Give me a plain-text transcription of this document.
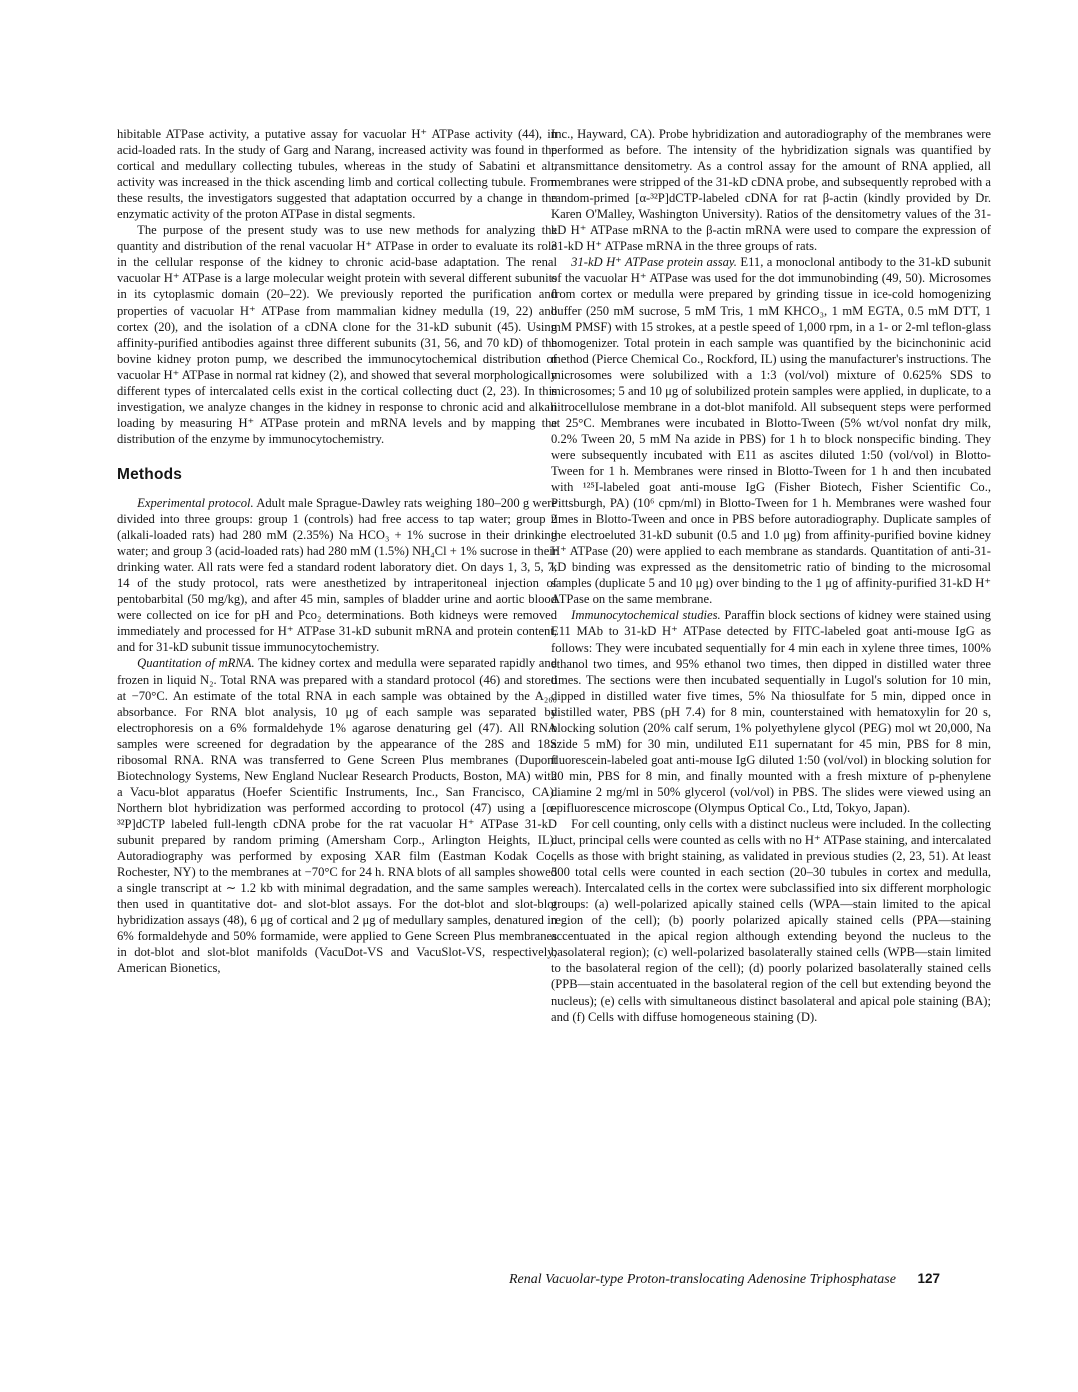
hibitable ATPase activity, a putative assay for vacuolar H⁺ ATPase activity (44), in acid-loaded rats. In the study of Garg and Narang, increased activity was found in the cortical and medullary collecting tubules, whereas in the study of Sabatini et al., activity was increased in the thick ascending limb and cortical collecting tubule. From these results, the investigators suggested that adaptation occurred by a change in the enzymatic activity of the proton ATPase in distal segments.

The purpose of the present study was to use new methods for analyzing the quantity and distribution of the renal vacuolar H⁺ ATPase in order to evaluate its role in the cellular response of the kidney to chronic acid-base adaptation. The renal vacuolar H⁺ ATPase is a large molecular weight protein with several different subunits in its cytoplasmic domain (20–22). We previously reported the purification and properties of vacuolar H⁺ ATPase from mammalian kidney medulla (19, 22) and cortex (20), and the isolation of a cDNA clone for the 31-kD subunit (45). Using affinity-purified antibodies against three different subunits (31, 56, and 70 kD) of the bovine kidney proton pump, we described the immunocytochemical distribution of vacuolar H⁺ ATPase in normal rat kidney (2), and showed that several morphologically different types of intercalated cells exist in the cortical collecting duct (2, 23). In this investigation, we analyze changes in the kidney in response to chronic acid and alkali loading by measuring H⁺ ATPase protein and mRNA levels and by mapping the distribution of the enzyme by immunocytochemistry.

Methods

Experimental protocol. Adult male Sprague-Dawley rats weighing 180–200 g were divided into three groups: group 1 (controls) had free access to tap water; group 2 (alkali-loaded rats) had 280 mM (2.35%) Na HCO₃ + 1% sucrose in their drinking water; and group 3 (acid-loaded rats) had 280 mM (1.5%) NH₄Cl + 1% sucrose in their drinking water. All rats were fed a standard rodent laboratory diet. On days 1, 3, 5, 7, 14 of the study protocol, rats were anesthetized by intraperitoneal injection of pentobarbital (50 mg/kg), and after 45 min, samples of bladder urine and aortic blood were collected on ice for pH and Pco₂ determinations. Both kidneys were removed immediately and processed for H⁺ ATPase 31-kD subunit mRNA and protein content, and for 31-kD subunit tissue immunocytochemistry.

Quantitation of mRNA. The kidney cortex and medulla were separated rapidly and frozen in liquid N₂. Total RNA was prepared with a standard protocol (46) and stored at −70°C. An estimate of the total RNA in each sample was obtained by the A₂₆₀ absorbance. For RNA blot analysis, 10 μg of each sample was separated by electrophoresis on a 6% formaldehyde 1% agarose denaturing gel (47). All RNA samples were screened for degradation by the appearance of the 28S and 18S ribosomal RNA. RNA was transferred to Gene Screen Plus membranes (Dupont Biotechnology Systems, New England Nuclear Research Products, Boston, MA) with a Vacu-blot apparatus (Hoefer Scientific Instruments, Inc., San Francisco, CA). Northern blot hybridization was performed according to protocol (47) using a [α-³²P]dCTP labeled full-length cDNA probe for the rat vacuolar H⁺ ATPase 31-kD subunit prepared by random priming (Amersham Corp., Arlington Heights, IL). Autoradiography was performed by exposing XAR film (Eastman Kodak Co., Rochester, NY) to the membranes at −70°C for 24 h. RNA blots of all samples showed a single transcript at ∼ 1.2 kb with minimal degradation, and the same samples were then used in quantitative dot- and slot-blot assays. For the dot-blot and slot-blot hybridization assays (48), 6 μg of cortical and 2 μg of medullary samples, denatured in 6% formaldehyde and 50% formamide, were applied to Gene Screen Plus membranes in dot-blot and slot-blot manifolds (VacuDot-VS and VacuSlot-VS, respectively; American Bionetics,

Inc., Hayward, CA). Probe hybridization and autoradiography of the membranes were performed as before. The intensity of the hybridization signals was quantified by transmittance densitometry. As a control assay for the amount of RNA applied, all membranes were stripped of the 31-kD cDNA probe, and subsequently reprobed with a random-primed [α-³²P]dCTP-labeled cDNA for rat β-actin (kindly provided by Dr. Karen O'Malley, Washington University). Ratios of the densitometry values of the 31-kD H⁺ ATPase mRNA to the β-actin mRNA were used to compare the expression of 31-kD H⁺ ATPase mRNA in the three groups of rats.

31-kD H⁺ ATPase protein assay. E11, a monoclonal antibody to the 31-kD subunit of the vacuolar H⁺ ATPase was used for the dot immunobinding (49, 50). Microsomes from cortex or medulla were prepared by grinding tissue in ice-cold homogenizing buffer (250 mM sucrose, 5 mM Tris, 1 mM KHCO₃, 1 mM EGTA, 0.5 mM DTT, 1 mM PMSF) with 15 strokes, at a pestle speed of 1,000 rpm, in a 1- or 2-ml teflon-glass homogenizer. Total protein in each sample was quantified by the bicinchoninic acid method (Pierce Chemical Co., Rockford, IL) using the manufacturer's instructions. The microsomes were solubilized with a 1:3 (vol/vol) mixture of 0.625% SDS to microsomes; 5 and 10 μg of solubilized protein samples were applied, in duplicate, to a nitrocellulose membrane in a dot-blot manifold. All subsequent steps were performed at 25°C. Membranes were incubated in Blotto-Tween (5% wt/vol nonfat dry milk, 0.2% Tween 20, 5 mM Na azide in PBS) for 1 h to block nonspecific binding. They were subsequently incubated with E11 as ascites diluted 1:50 (vol/vol) in Blotto-Tween for 1 h. Membranes were rinsed in Blotto-Tween for 1 h and then incubated with ¹²⁵I-labeled goat anti-mouse IgG (Fisher Biotech, Fisher Scientific Co., Pittsburgh, PA) (10⁶ cpm/ml) in Blotto-Tween for 1 h. Membranes were washed four times in Blotto-Tween and once in PBS before autoradiography. Duplicate samples of the electroeluted 31-kD subunit (0.5 and 1.0 μg) from affinity-purified bovine kidney H⁺ ATPase (20) were applied to each membrane as standards. Quantitation of anti-31-kD binding was expressed as the densitometric ratio of binding to the microsomal samples (duplicate 5 and 10 μg) over binding to the 1 μg of affinity-purified 31-kD H⁺ ATPase on the same membrane.

Immunocytochemical studies. Paraffin block sections of kidney were stained using E11 MAb to 31-kD H⁺ ATPase detected by FITC-labeled goat anti-mouse IgG as follows: They were incubated sequentially for 4 min each in xylene three times, 100% ethanol two times, and 95% ethanol two times, then dipped in distilled water three times. The sections were then incubated sequentially in Lugol's solution for 10 min, dipped in distilled water five times, 5% Na thiosulfate for 5 min, dipped once in distilled water, PBS (pH 7.4) for 8 min, counterstained with hematoxylin for 20 s, blocking solution (20% calf serum, 1% polyethylene glycol (PEG) mol wt 20,000, Na azide 5 mM) for 30 min, undiluted E11 supernatant for 45 min, PBS for 8 min, fluorescein-labeled goat anti-mouse IgG diluted 1:50 (vol/vol) in blocking solution for 20 min, PBS for 8 min, and finally mounted with a fresh mixture of p-phenylene diamine 2 mg/ml in 50% glycerol (vol/vol) in PBS. The slides were viewed using an epifluorescence microscope (Olympus Optical Co., Ltd, Tokyo, Japan).

For cell counting, only cells with a distinct nucleus were included. In the collecting duct, principal cells were counted as cells with no H⁺ ATPase staining, and intercalated cells as those with bright staining, as validated in previous studies (2, 23, 51). At least 500 total cells were counted in each section (20–30 tubules in cortex and medulla, each). Intercalated cells in the cortex were subclassified into six different morphologic groups: (a) well-polarized apically stained cells (WPA—stain limited to the apical region of the cell); (b) poorly polarized apically stained cells (PPA—staining accentuated in the apical region although extending beyond the nucleus to the basolateral region); (c) well-polarized basolaterally stained cells (WPB—stain limited to the basolateral region of the cell); (d) poorly polarized basolaterally stained cells (PPB—stain accentuated in the basolateral region of the cell but extending beyond the nucleus); (e) cells with simultaneous distinct basolateral and apical pole staining (BA); and (f) Cells with diffuse homogeneous staining (D).

Renal Vacuolar-type Proton-translocating Adenosine Triphosphatase 127
